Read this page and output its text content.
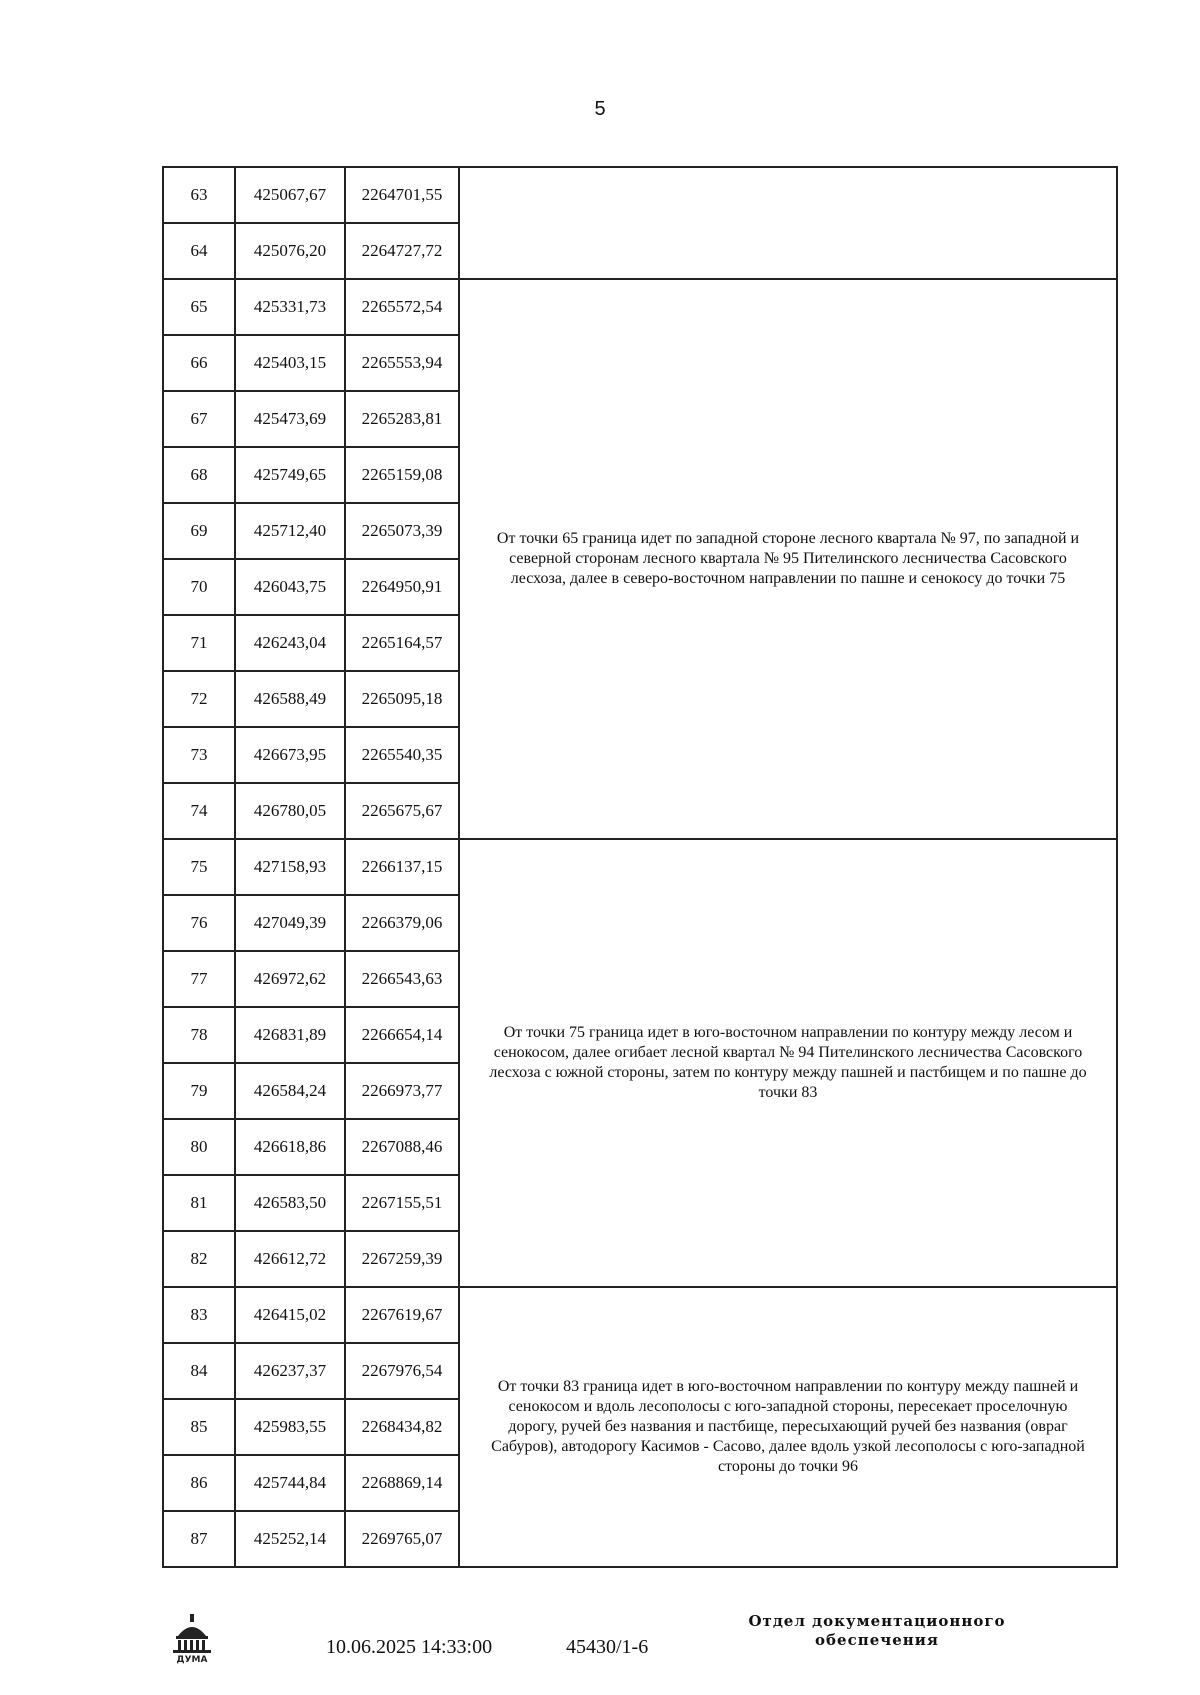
5
63	425067,67	2264701,55	
64	425076,20	2264727,72	
65	425331,73	2265572,54	От точки 65 граница идет по западной стороне лесного квартала № 97, по западной и северной сторонам лесного квартала № 95 Пителинского лесничества Сасовского лесхоза, далее в северо-восточном направлении по пашне и сенокосу до точки 75
66	425403,15	2265553,94	
67	425473,69	2265283,81	
68	425749,65	2265159,08	
69	425712,40	2265073,39	
70	426043,75	2264950,91	
71	426243,04	2265164,57	
72	426588,49	2265095,18	
73	426673,95	2265540,35	
74	426780,05	2265675,67	
75	427158,93	2266137,15	От точки 75 граница идет в юго-восточном направлении по контуру между лесом и сенокосом, далее огибает лесной квартал № 94 Пителинского лесничества Сасовского лесхоза с южной стороны, затем по контуру между пашней и пастбищем и по пашне до точки 83
76	427049,39	2266379,06	
77	426972,62	2266543,63	
78	426831,89	2266654,14	
79	426584,24	2266973,77	
80	426618,86	2267088,46	
81	426583,50	2267155,51	
82	426612,72	2267259,39	
83	426415,02	2267619,67	От точки 83 граница идет в юго-восточном направлении по контуру между пашней и сенокосом и вдоль лесополосы с юго-западной стороны, пересекает проселочную дорогу, ручей без названия и пастбище, пересыхающий ручей без названия (овраг Сабуров), автодорогу Касимов - Сасово, далее вдоль узкой лесополосы с юго-западной стороны до точки 96
84	426237,37	2267976,54	
85	425983,55	2268434,82	
86	425744,84	2268869,14	
87	425252,14	2269765,07	
ДУМА
10.06.2025 14:33:00	45430/1-6
Отдел документационного
обеспечения
